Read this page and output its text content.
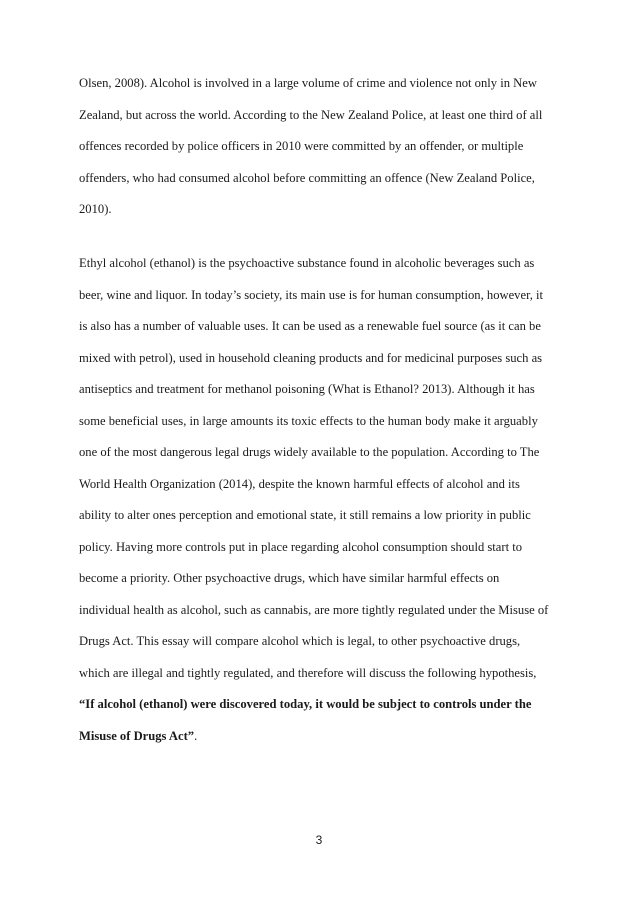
Olsen, 2008). Alcohol is involved in a large volume of crime and violence not only in New
Zealand, but across the world. According to the New Zealand Police, at least one third of all
offences recorded by police officers in 2010 were committed by an offender, or multiple
offenders, who had consumed alcohol before committing an offence (New Zealand Police,
2010).
Ethyl alcohol (ethanol) is the psychoactive substance found in alcoholic beverages such as
beer, wine and liquor. In today’s society, its main use is for human consumption, however, it
is also has a number of valuable uses. It can be used as a renewable fuel source (as it can be
mixed with petrol), used in household cleaning products and for medicinal purposes such as
antiseptics and treatment for methanol poisoning (What is Ethanol? 2013). Although it has
some beneficial uses, in large amounts its toxic effects to the human body make it arguably
one of the most dangerous legal drugs widely available to the population. According to The
World Health Organization (2014), despite the known harmful effects of alcohol and its
ability to alter ones perception and emotional state, it still remains a low priority in public
policy. Having more controls put in place regarding alcohol consumption should start to
become a priority. Other psychoactive drugs, which have similar harmful effects on
individual health as alcohol, such as cannabis, are more tightly regulated under the Misuse of
Drugs Act. This essay will compare alcohol which is legal, to other psychoactive drugs,
which are illegal and tightly regulated, and therefore will discuss the following hypothesis,
“If alcohol (ethanol) were discovered today, it would be subject to controls under the
Misuse of Drugs Act”.
3
